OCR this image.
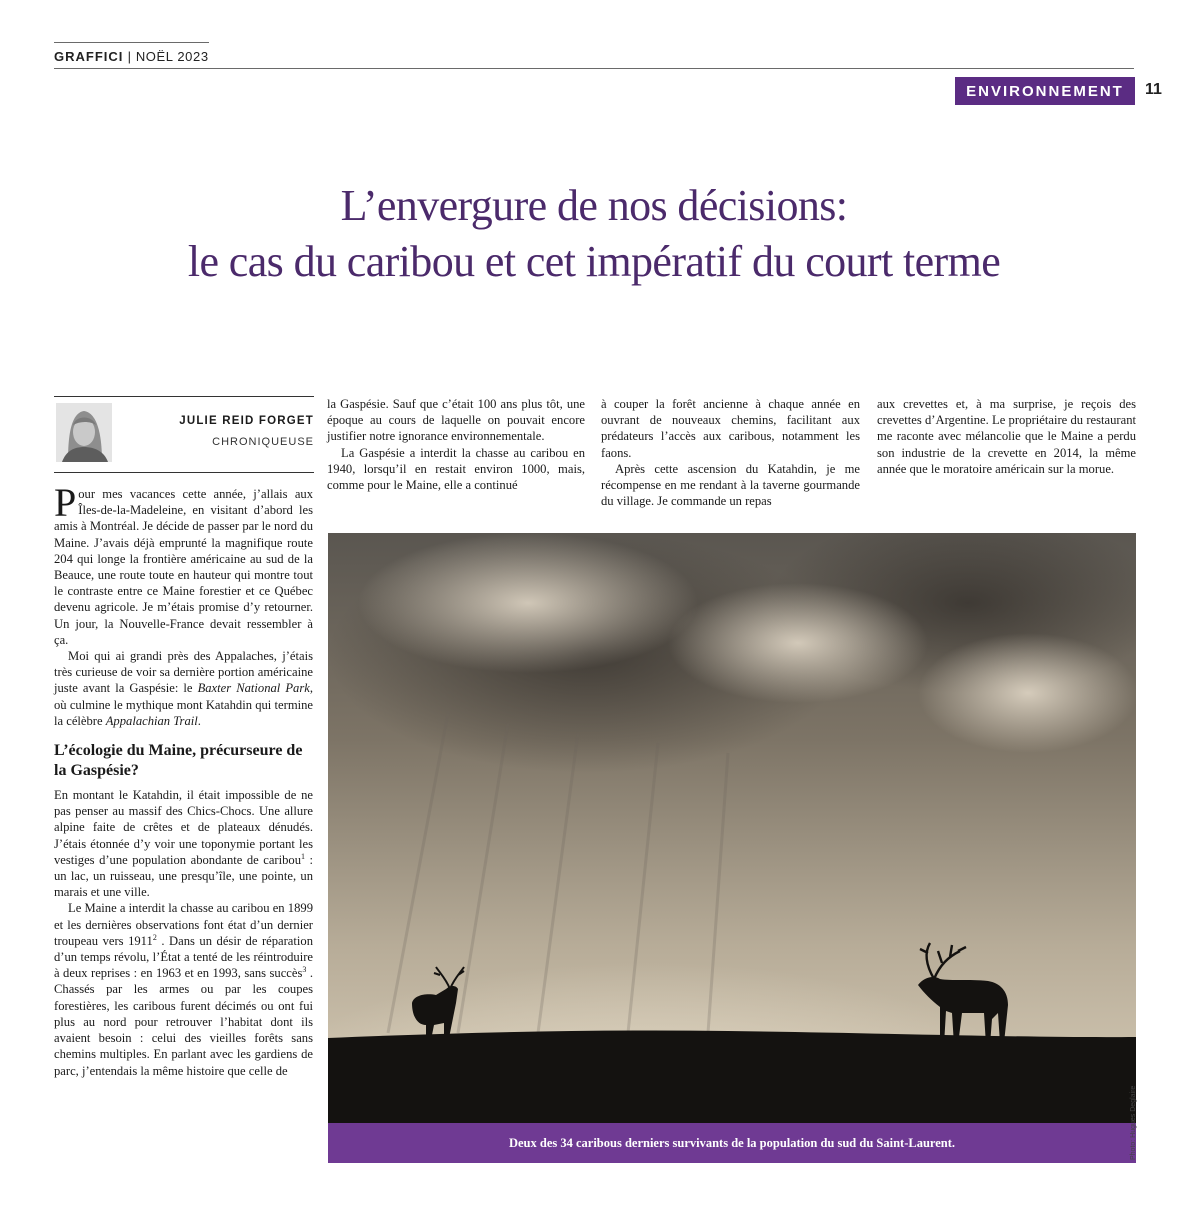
GRAFFICI | NOËL 2023
ENVIRONNEMENT	11
L’envergure de nos décisions:
le cas du caribou et cet impératif du court terme
JULIE REID FORGET
CHRONIQUEUSE

Pour mes vacances cette année, j’allais aux Îles-de-la-Madeleine, en visitant d’abord les amis à Montréal. Je décide de passer par le nord du Maine. J’avais déjà emprunté la magnifique route 204 qui longe la frontière américaine au sud de la Beauce, une route toute en hauteur qui montre tout le contraste entre ce Maine forestier et ce Québec devenu agricole. Je m’étais promise d’y retourner. Un jour, la Nouvelle-France devait ressembler à ça.

Moi qui ai grandi près des Appalaches, j’étais très curieuse de voir sa dernière portion américaine juste avant la Gaspésie: le Baxter National Park, où culmine le mythique mont Katahdin qui termine la célèbre Appalachian Trail.

L’écologie du Maine, précurseure de la Gaspésie?

En montant le Katahdin, il était impossible de ne pas penser au massif des Chics-Chocs. Une allure alpine faite de crêtes et de plateaux dénudés. J’étais étonnée d’y voir une toponymie portant les vestiges d’une population abondante de caribou$^1$ : un lac, un ruisseau, une presqu’île, une pointe, un marais et une ville.

Le Maine a interdit la chasse au caribou en 1899 et les dernières observations font état d’un dernier troupeau vers 1911$^2$ . Dans un désir de réparation d’un temps révolu, l’État a tenté de les réintroduire à deux reprises : en 1963 et en 1993, sans succès$^3$ . Chassés par les armes ou par les coupes forestières, les caribous furent décimés ou ont fui plus au nord pour retrouver l’habitat dont ils avaient besoin : celui des vieilles forêts sans chemins multiples. En parlant avec les gardiens de parc, j’entendais la même histoire que celle de

la Gaspésie. Sauf que c’était 100 ans plus tôt, une époque au cours de laquelle on pouvait encore justifier notre ignorance environnementale.

La Gaspésie a interdit la chasse au caribou en 1940, lorsqu’il en restait environ 1000, mais, comme pour le Maine, elle a continué

à couper la forêt ancienne à chaque année en ouvrant de nouveaux chemins, facilitant aux prédateurs l’accès aux caribous, notamment les faons.

Après cette ascension du Katahdin, je me récompense en me rendant à la taverne gourmande du village. Je commande un repas

aux crevettes et, à ma surprise, je reçois des crevettes d’Argentine. Le propriétaire du restaurant me raconte avec mélancolie que le Maine a perdu son industrie de la crevette en 2014, la même année que le moratoire américain sur la morue.

Deux des 34 caribous derniers survivants de la population du sud du Saint-Laurent.	Photo: Hugues Deglaire
